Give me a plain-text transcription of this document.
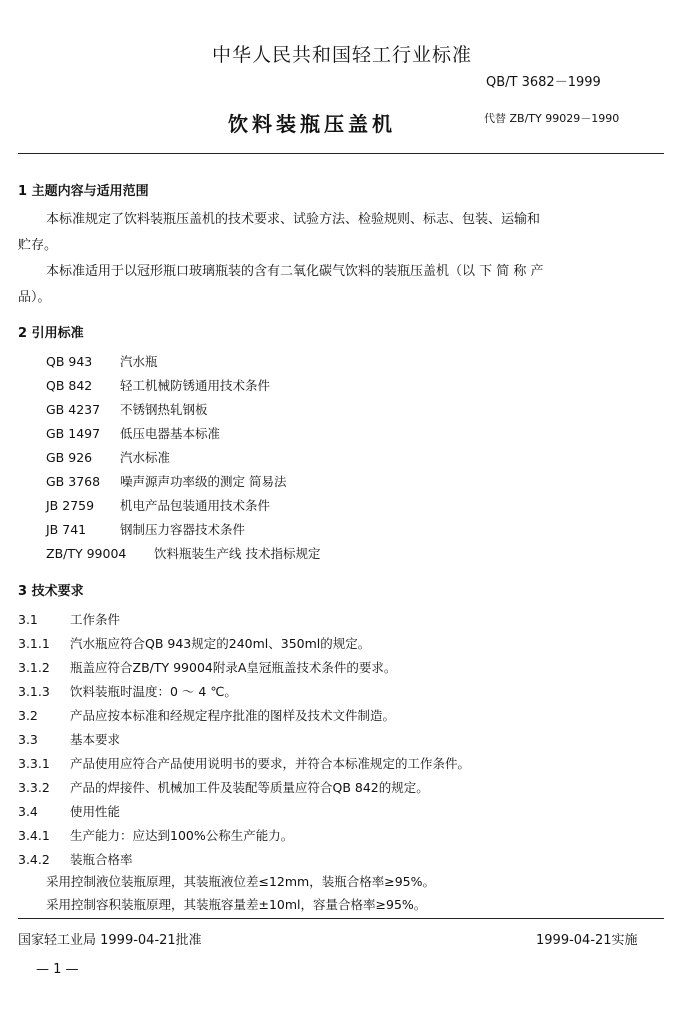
中华人民共和国轻工行业标准
QB/T 3682－1999
饮料装瓶压盖机	代替 ZB/TY 99029－1990
1 主题内容与适用范围
本标准规定了饮料装瓶压盖机的技术要求、试验方法、检验规则、标志、包装、运输和
贮存。
本标准适用于以冠形瓶口玻璃瓶装的含有二氧化碳气饮料的装瓶压盖机（以 下 简 称 产
品）。
2 引用标准
QB 943 汽水瓶
QB 842 轻工机械防锈通用技术条件
GB 4237 不锈钢热轧钢板
GB 1497 低压电器基本标准
GB 926 汽水标准
GB 3768 噪声源声功率级的测定 简易法
JB 2759 机电产品包装通用技术条件
JB 741	钢制压力容器技术条件
ZB/TY 99004 饮料瓶装生产线 技术指标规定
3 技术要求
3.1	工作条件
3.1.1 汽水瓶应符合QB 943规定的240ml、350ml的规定。
3.1.2 瓶盖应符合ZB/TY 99004附录A皇冠瓶盖技术条件的要求。
3.1.3 饮料装瓶时温度：0 ～ 4 ℃。
3.2	产品应按本标准和经规定程序批准的图样及技术文件制造。
3.3	基本要求
3.3.1 产品使用应符合产品使用说明书的要求，并符合本标准规定的工作条件。
3.3.2 产品的焊接件、机械加工件及装配等质量应符合QB 842的规定。
3.4	使用性能
3.4.1 生产能力：应达到100%公称生产能力。
3.4.2 装瓶合格率
采用控制液位装瓶原理，其装瓶液位差≤12mm，装瓶合格率≥95%。
采用控制容积装瓶原理，其装瓶容量差±10ml，容量合格率≥95%。
国家轻工业局 1999-04-21批准	1999-04-21实施
— 1 —
